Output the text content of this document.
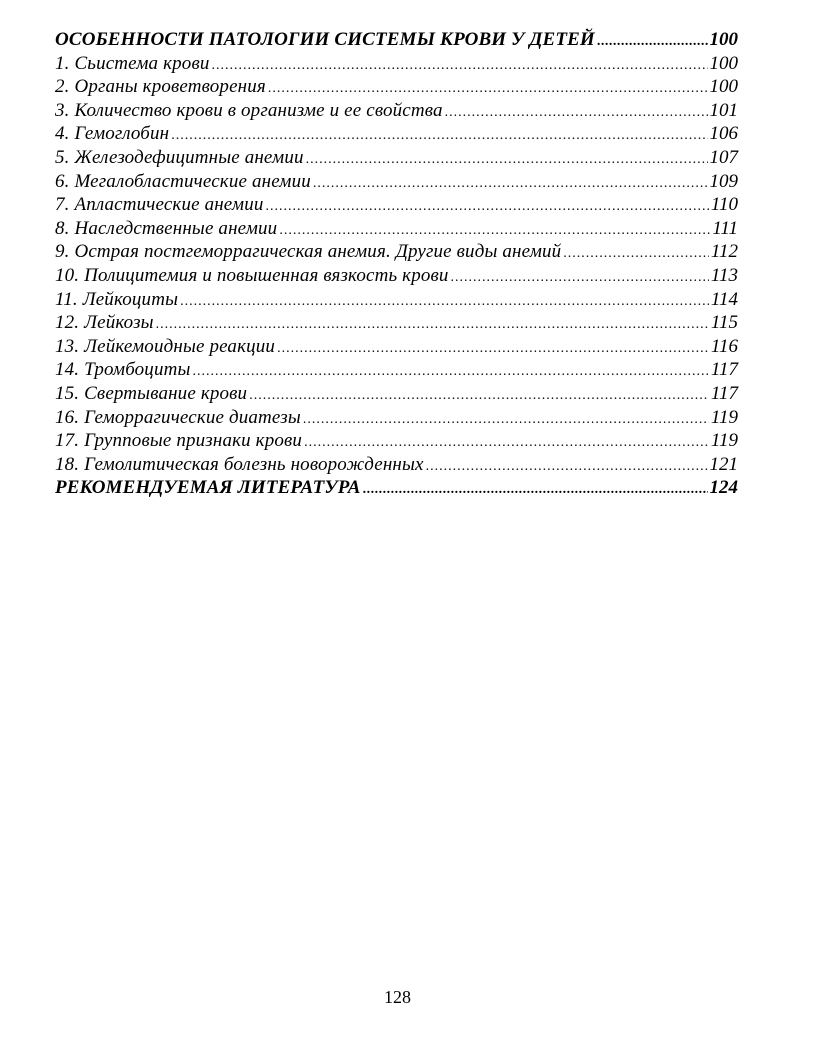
ОСОБЕННОСТИ ПАТОЛОГИИ СИСТЕМЫ КРОВИ У ДЕТЕЙ .....	100
1. Сьистема крови .....	100
2. Органы кроветворения .....	100
3. Количество крови в организме и ее свойства .....	101
4. Гемоглобин .....	106
5. Железодефицитные анемии .....	107
6. Мегалобластические анемии .....	109
7. Апластические анемии .....	110
8. Наследственные анемии .....	111
9. Острая постгеморрагическая анемия. Другие виды анемий .....	112
10. Полицитемия и повышенная вязкость крови .....	113
11. Лейкоциты .....	114
12. Лейкозы .....	115
13. Лейкемоидные реакции .....	116
14. Тромбоциты .....	117
15. Свертывание крови .....	117
16. Геморрагические диатезы .....	119
17. Групповые признаки крови .....	119
18. Гемолитическая болезнь новорожденных .....	121
РЕКОМЕНДУЕМАЯ ЛИТЕРАТУРА .....	124
128
